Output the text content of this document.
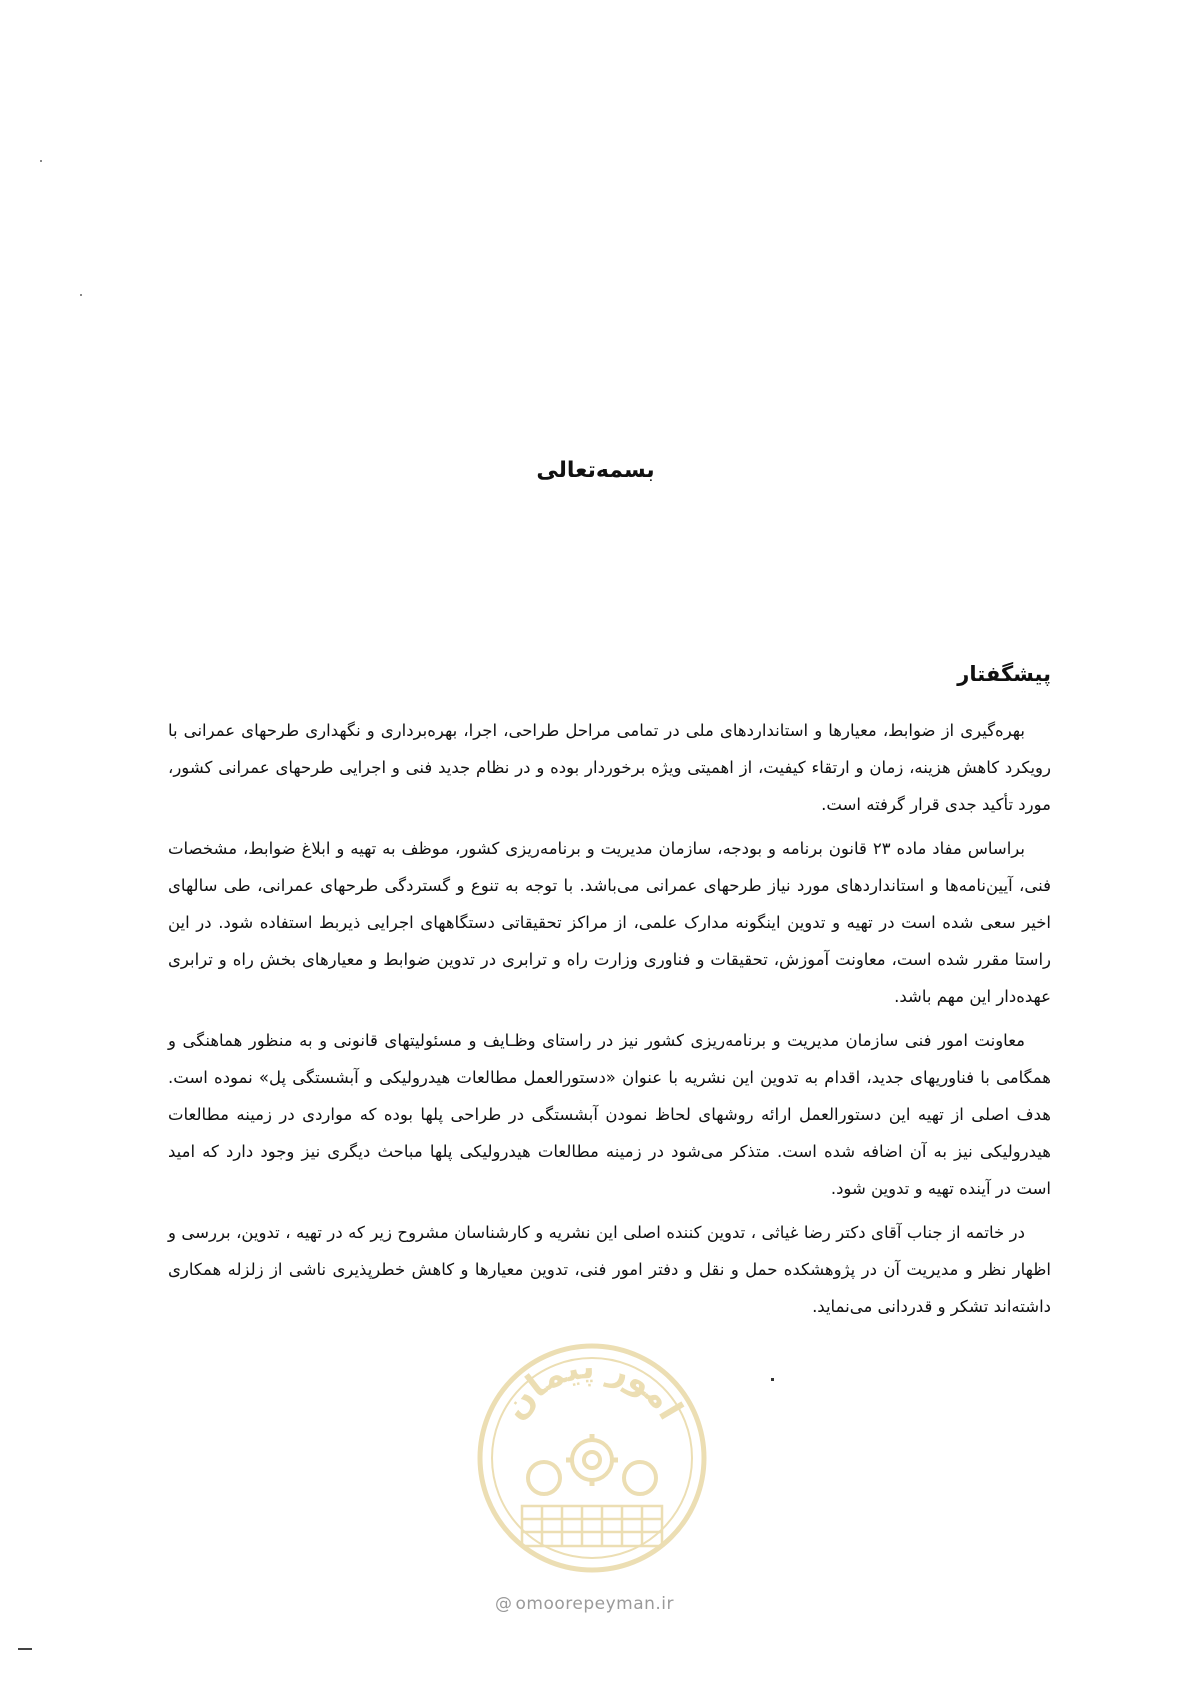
بسمه‌تعالی
پیشگفتار

بهره‌گیری از ضوابط، معیارها و استانداردهای ملی در تمامی مراحل طراحی، اجرا، بهره‌برداری و نگهداری طرحهای عمرانی با رویکرد کاهش هزینه، زمان و ارتقاء کیفیت، از اهمیتی ویژه برخوردار بوده و در نظام جدید فنی و اجرایی طرحهای عمرانی کشور، مورد تأکید جدی قرار گرفته است.

براساس مفاد ماده ۲۳ قانون برنامه و بودجه، سازمان مدیریت و برنامه‌ریزی کشور، موظف به تهیه و ابلاغ ضوابط، مشخصات فنی، آیین‌نامه‌ها و استانداردهای مورد نیاز طرحهای عمرانی می‌باشد. با توجه به تنوع و گستردگی طرحهای عمرانی، طی سالهای اخیر سعی شده است در تهیه و تدوین اینگونه مدارک علمی، از مراکز تحقیقاتی دستگاههای اجرایی ذیربط استفاده شود. در این راستا مقرر شده است، معاونت آموزش، تحقیقات و فناوری وزارت راه و ترابری در تدوین ضوابط و معیارهای بخش راه و ترابری عهده‌دار این مهم باشد.

معاونت امور فنی سازمان مدیریت و برنامه‌ریزی کشور نیز در راستای وظـایف و مسئولیتهای قانونی و به منظور هماهنگی و همگامی با فناوریهای جدید، اقدام به تدوین این نشریه با عنوان «دستورالعمل مطالعات هیدرولیکی و آبشستگی پل» نموده است. هدف اصلی از تهیه این دستورالعمل ارائه روشهای لحاظ نمودن آبشستگی در طراحی پلها بوده که مواردی در زمینه مطالعات هیدرولیکی نیز به آن اضافه شده است. متذکر می‌شود در زمینه مطالعات هیدرولیکی پلها مباحث دیگری نیز وجود دارد که امید است در آینده تهیه و تدوین شود.

در خاتمه از جناب آقای دکتر رضا غیاثی ، تدوین کننده اصلی این نشریه و کارشناسان مشروح زیر که در تهیه ، تدوین، بررسی و اظهار نظر و مدیریت آن در پژوهشکده حمل و نقل و دفتر امور فنی، تدوین معیارها و کاهش خطرپذیری ناشی از زلزله همکاری داشته‌اند تشکر و قدردانی می‌نماید.

امور پیمان
@ omoorepeyman.ir
